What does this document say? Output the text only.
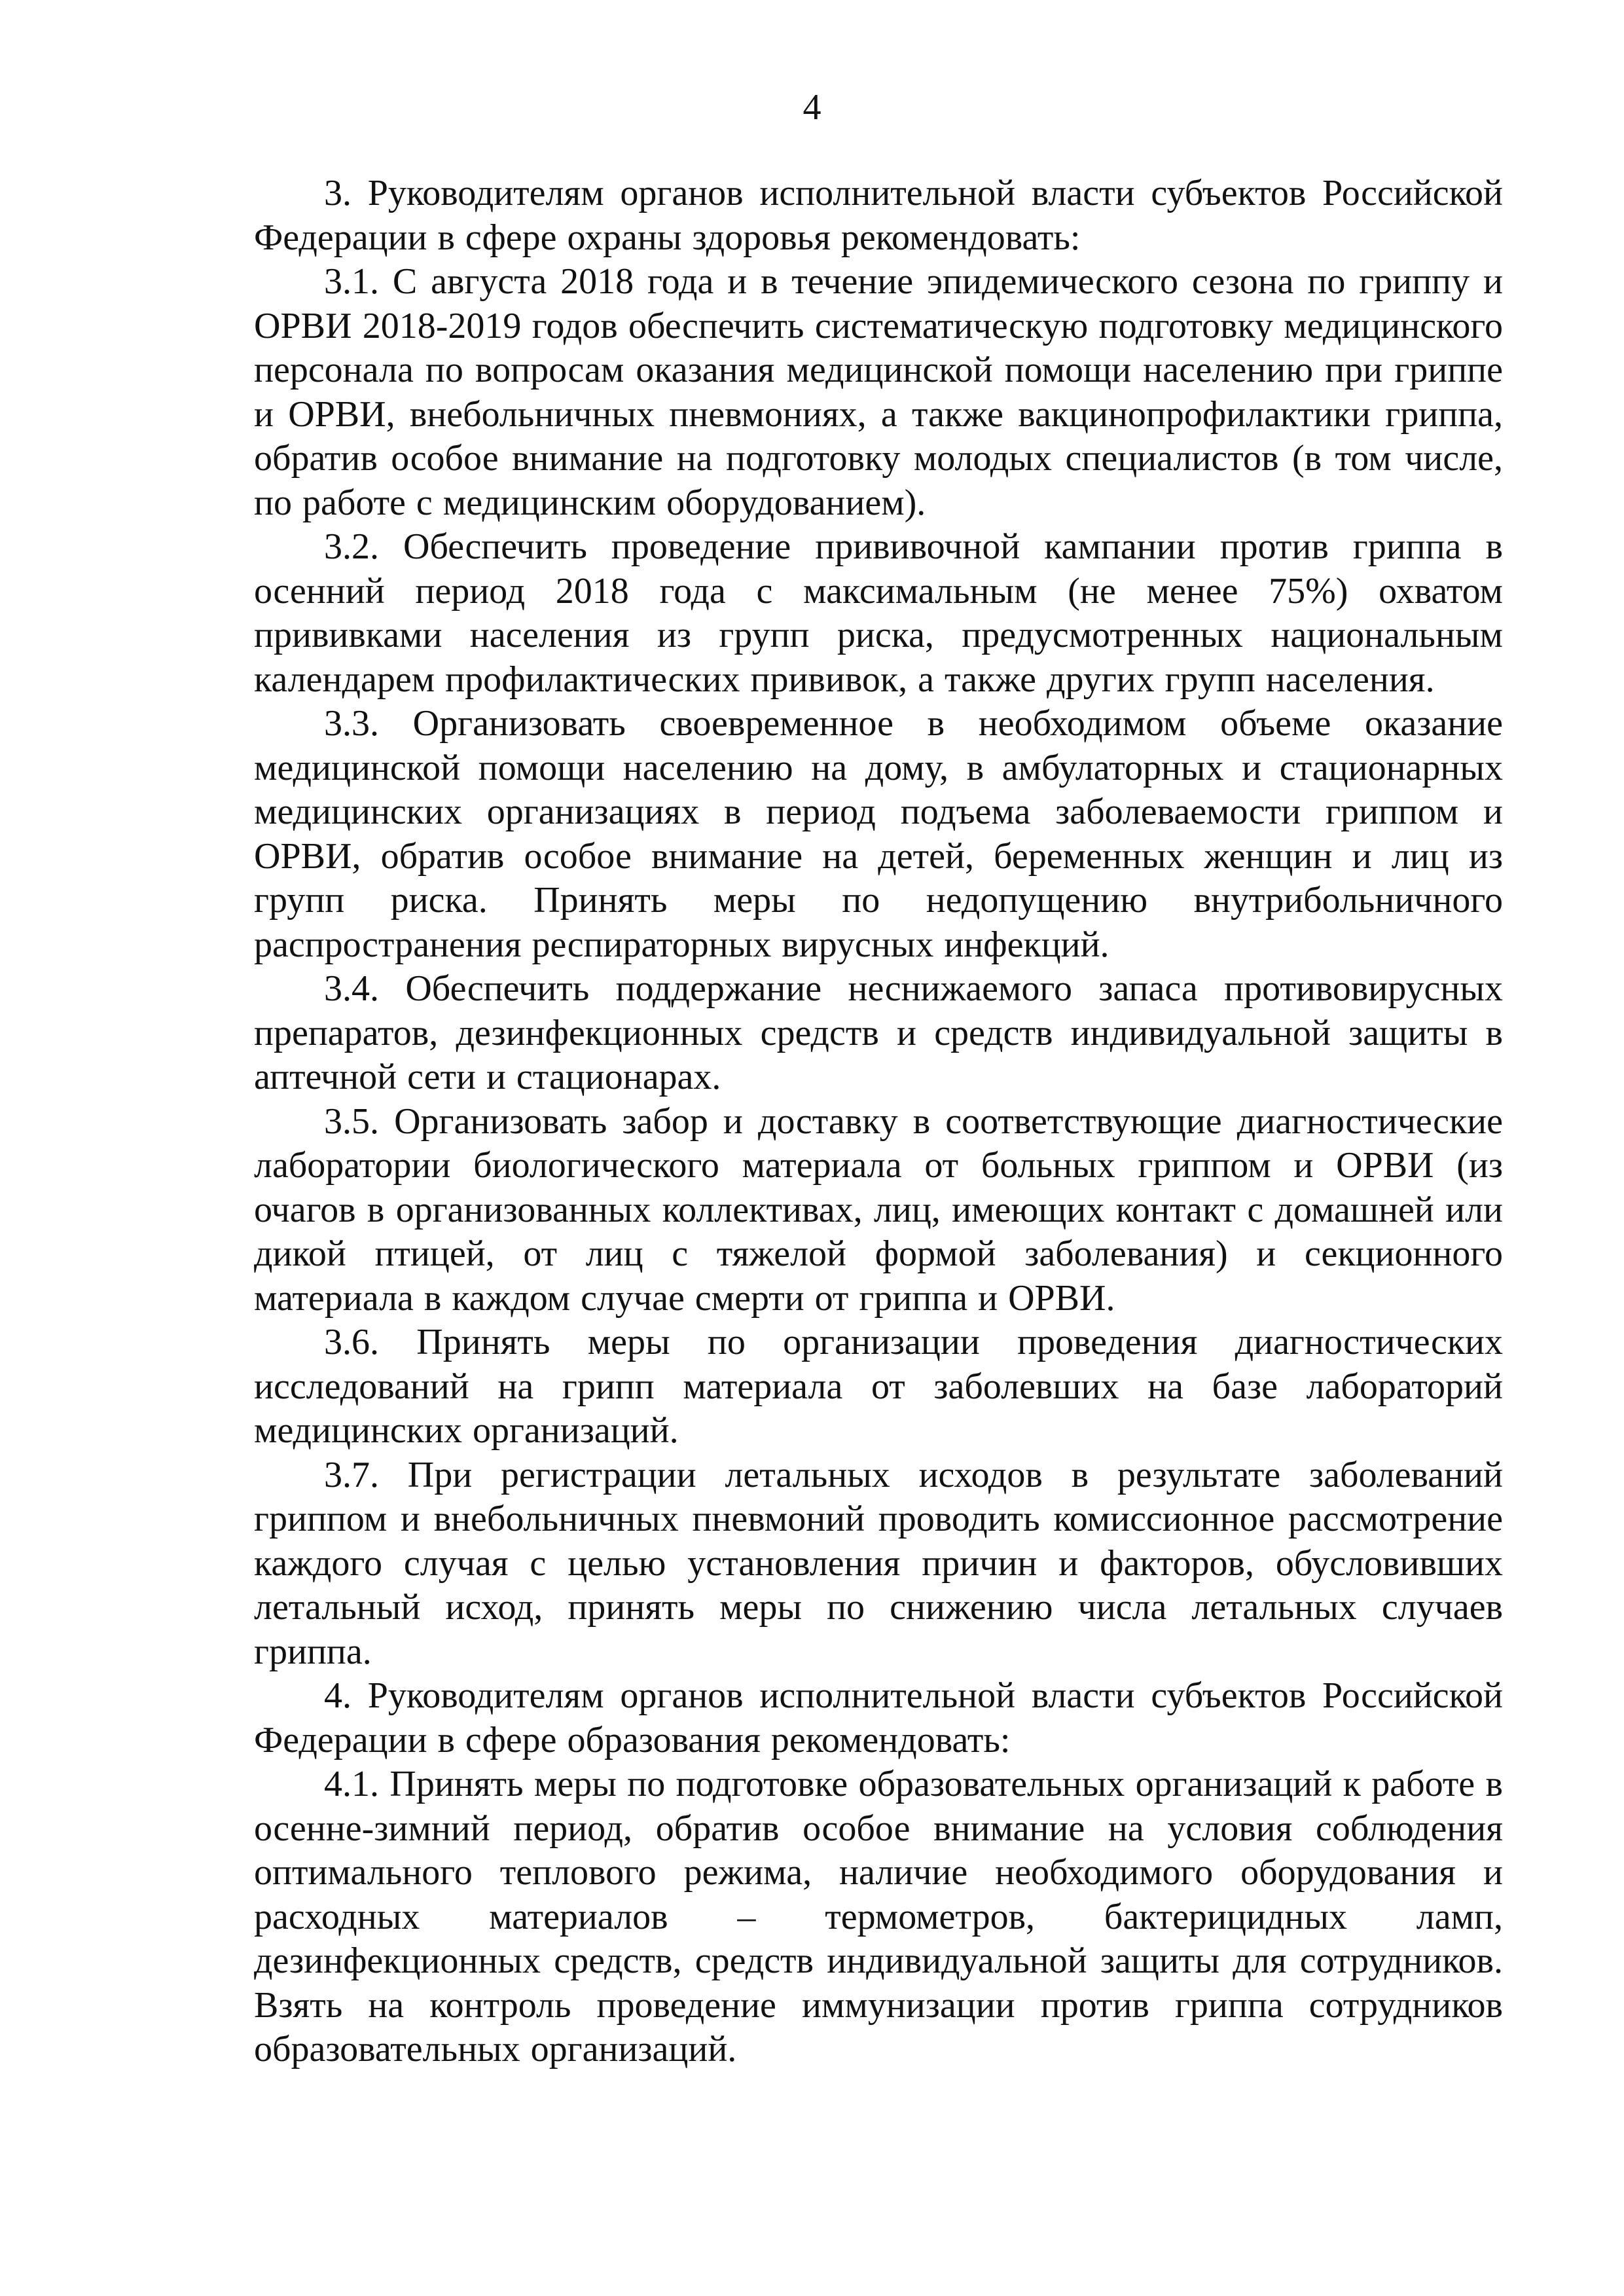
4

3. Руководителям органов исполнительной власти субъектов Российской Федерации в сфере охраны здоровья рекомендовать:

3.1. С августа 2018 года и в течение эпидемического сезона по гриппу и ОРВИ 2018-2019 годов обеспечить систематическую подготовку медицинского персонала по вопросам оказания медицинской помощи населению при гриппе и ОРВИ, внебольничных пневмониях, а также вакцинопрофилактики гриппа, обратив особое внимание на подготовку молодых специалистов (в том числе, по работе с медицинским оборудованием).

3.2. Обеспечить проведение прививочной кампании против гриппа в осенний период 2018 года с максимальным (не менее 75%) охватом прививками населения из групп риска, предусмотренных национальным календарем профилактических прививок, а также других групп населения.

3.3. Организовать своевременное в необходимом объеме оказание медицинской помощи населению на дому, в амбулаторных и стационарных медицинских организациях в период подъема заболеваемости гриппом и ОРВИ, обратив особое внимание на детей, беременных женщин и лиц из групп риска. Принять меры по недопущению внутрибольничного распространения респираторных вирусных инфекций.

3.4. Обеспечить поддержание неснижаемого запаса противовирусных препаратов, дезинфекционных средств и средств индивидуальной защиты в аптечной сети и стационарах.

3.5. Организовать забор и доставку в соответствующие диагностические лаборатории биологического материала от больных гриппом и ОРВИ (из очагов в организованных коллективах, лиц, имеющих контакт с домашней или дикой птицей, от лиц с тяжелой формой заболевания) и секционного материала в каждом случае смерти от гриппа и ОРВИ.

3.6. Принять меры по организации проведения диагностических исследований на грипп материала от заболевших на базе лабораторий медицинских организаций.

3.7. При регистрации летальных исходов в результате заболеваний гриппом и внебольничных пневмоний проводить комиссионное рассмотрение каждого случая с целью установления причин и факторов, обусловивших летальный исход, принять меры по снижению числа летальных случаев гриппа.

4. Руководителям органов исполнительной власти субъектов Российской Федерации в сфере образования рекомендовать:

4.1. Принять меры по подготовке образовательных организаций к работе в осенне-зимний период, обратив особое внимание на условия соблюдения оптимального теплового режима, наличие необходимого оборудования и расходных материалов – термометров, бактерицидных ламп, дезинфекционных средств, средств индивидуальной защиты для сотрудников. Взять на контроль проведение иммунизации против гриппа сотрудников образовательных организаций.
